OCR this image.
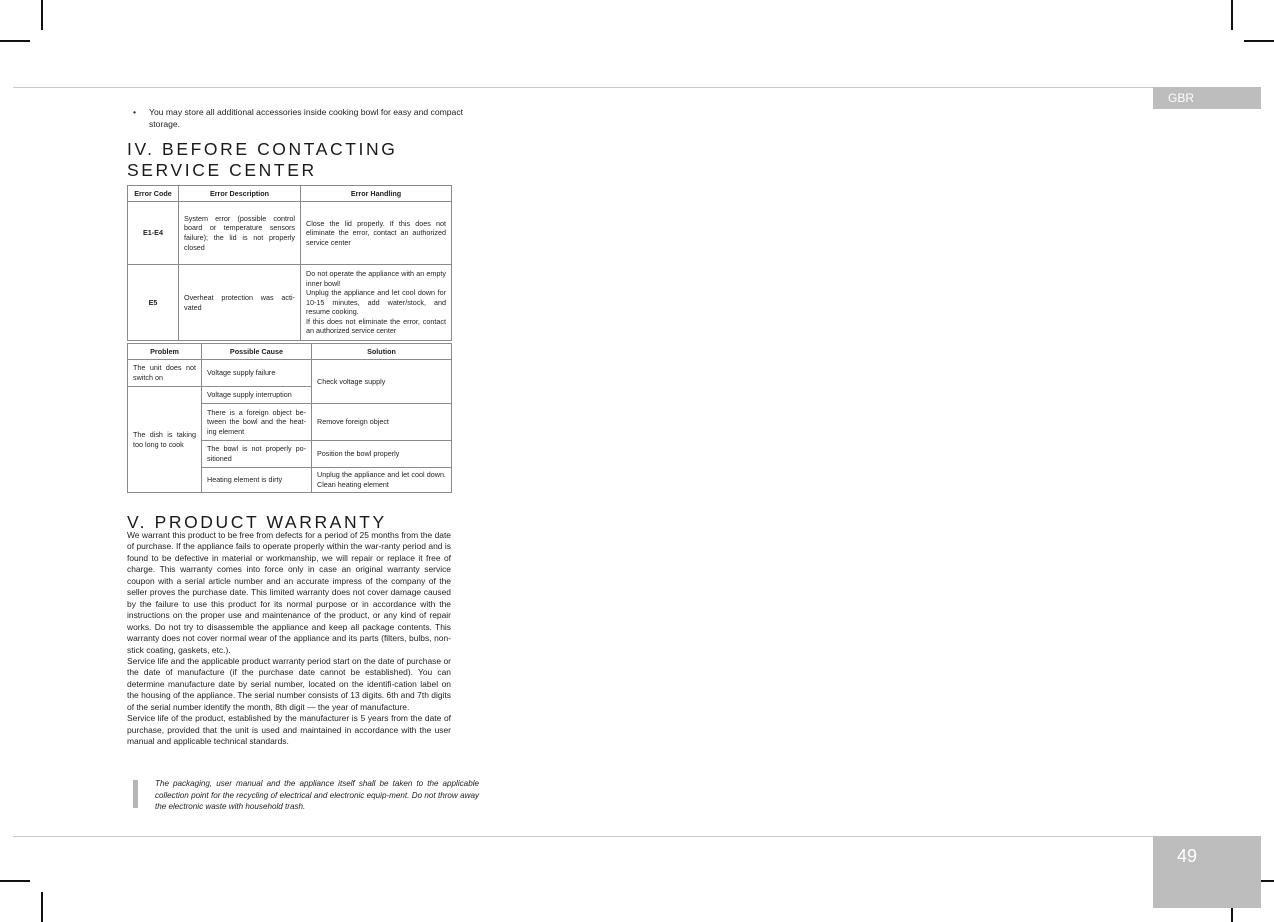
GBR
49
• You may store all additional accessories inside cooking bowl for easy and compact storage.
IV. BEFORE CONTACTING SERVICE CENTER
Error Code	Error Description	Error Handling
E1-E4	System error (possible control board or temperature sensors failure); the lid is not properly closed	Close the lid properly. If this does not eliminate the error, contact an authorized service center
E5	Overheat protection was acti-vated	Do not operate the appliance with an empty inner bowl!
Unplug the appliance and let cool down for 10-15 minutes, add water/stock, and resume cooking.
If this does not eliminate the error, contact an authorized service center
Problem	Possible Cause	Solution
The unit does not switch on	Voltage supply failure	Check voltage supply
The dish is taking too long to cook	Voltage supply interruption	
	There is a foreign object be-tween the bowl and the heat-ing element	Remove foreign object
	The bowl is not properly po-sitioned	Position the bowl properly
	Heating element is dirty	Unplug the appliance and let cool down. Clean heating element
V. PRODUCT WARRANTY

We warrant this product to be free from defects for a period of 25 months from the date of purchase. If the appliance fails to operate properly within the war-ranty period and is found to be defective in material or workmanship, we will repair or replace it free of charge. This warranty comes into force only in case an original warranty service coupon with a serial article number and an accurate impress of the company of the seller proves the purchase date. This limited warranty does not cover damage caused by the failure to use this product for its normal purpose or in accordance with the instructions on the proper use and maintenance of the product, or any kind of repair works. Do not try to disassemble the appliance and keep all package contents. This warranty does not cover normal wear of the appliance and its parts (filters, bulbs, non-stick coating, gaskets, etc.).

Service life and the applicable product warranty period start on the date of purchase or the date of manufacture (if the purchase date cannot be established). You can determine manufacture date by serial number, located on the identifi-cation label on the housing of the appliance. The serial number consists of 13 digits. 6th and 7th digits of the serial number identify the month, 8th digit — the year of manufacture.

Service life of the product, established by the manufacturer is 5 years from the date of purchase, provided that the unit is used and maintained in accordance with the user manual and applicable technical standards.

The packaging, user manual and the appliance itself shall be taken to the applicable collection point for the recycling of electrical and electronic equip-ment. Do not throw away the electronic waste with household trash.
